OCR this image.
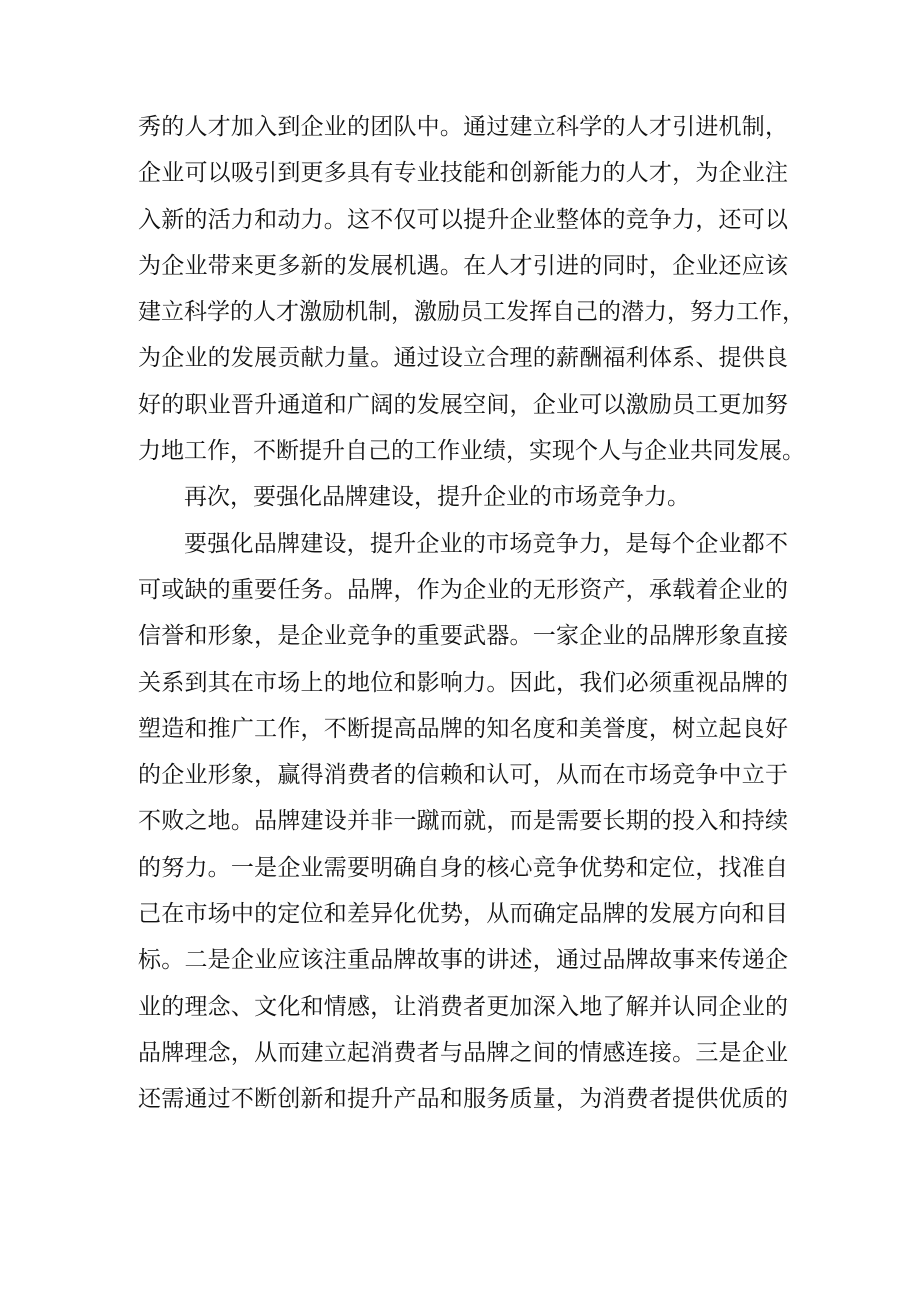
秀的人才加入到企业的团队中。通过建立科学的人才引进机制，
企业可以吸引到更多具有专业技能和创新能力的人才，为企业注
入新的活力和动力。这不仅可以提升企业整体的竞争力，还可以
为企业带来更多新的发展机遇。在人才引进的同时，企业还应该
建立科学的人才激励机制，激励员工发挥自己的潜力，努力工作，
为企业的发展贡献力量。通过设立合理的薪酬福利体系、提供良
好的职业晋升通道和广阔的发展空间，企业可以激励员工更加努
力地工作，不断提升自己的工作业绩，实现个人与企业共同发展。
再次，要强化品牌建设，提升企业的市场竞争力。
要强化品牌建设，提升企业的市场竞争力，是每个企业都不
可或缺的重要任务。品牌，作为企业的无形资产，承载着企业的
信誉和形象，是企业竞争的重要武器。一家企业的品牌形象直接
关系到其在市场上的地位和影响力。因此，我们必须重视品牌的
塑造和推广工作，不断提高品牌的知名度和美誉度，树立起良好
的企业形象，赢得消费者的信赖和认可，从而在市场竞争中立于
不败之地。品牌建设并非一蹴而就，而是需要长期的投入和持续
的努力。一是企业需要明确自身的核心竞争优势和定位，找准自
己在市场中的定位和差异化优势，从而确定品牌的发展方向和目
标。二是企业应该注重品牌故事的讲述，通过品牌故事来传递企
业的理念、文化和情感，让消费者更加深入地了解并认同企业的
品牌理念，从而建立起消费者与品牌之间的情感连接。三是企业
还需通过不断创新和提升产品和服务质量，为消费者提供优质的
